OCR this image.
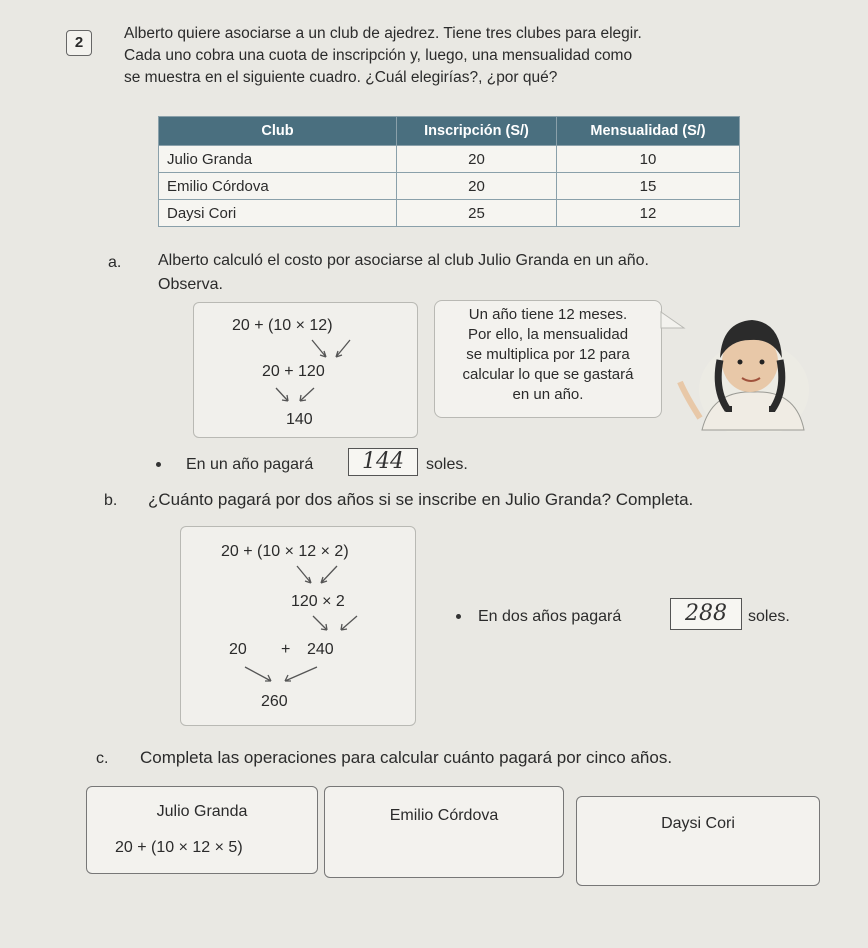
2
Alberto quiere asociarse a un club de ajedrez. Tiene tres clubes para elegir.
Cada uno cobra una cuota de inscripción y, luego, una mensualidad como
se muestra en el siguiente cuadro. ¿Cuál elegirías?, ¿por qué?
Club	Inscripción (S/)	Mensualidad (S/)
Julio Granda	20	10
Emilio Córdova	20	15
Daysi Cori	25	12
a. Alberto calculó el costo por asociarse al club Julio Granda en un año.
Observa.
20 + (10 × 12)
20 + 120
140
Un año tiene 12 meses.
Por ello, la mensualidad
se multiplica por 12 para
calcular lo que se gastará
en un año.
En un año pagará	144	soles.
b. ¿Cuánto pagará por dos años si se inscribe en Julio Granda? Completa.
20 + (10 × 12 × 2)
120 × 2
20 + 240
260
En dos años pagará	288	soles.
c. Completa las operaciones para calcular cuánto pagará por cinco años.
Julio Granda
20 + (10 × 12 × 5)
Emilio Córdova	Daysi Cori
